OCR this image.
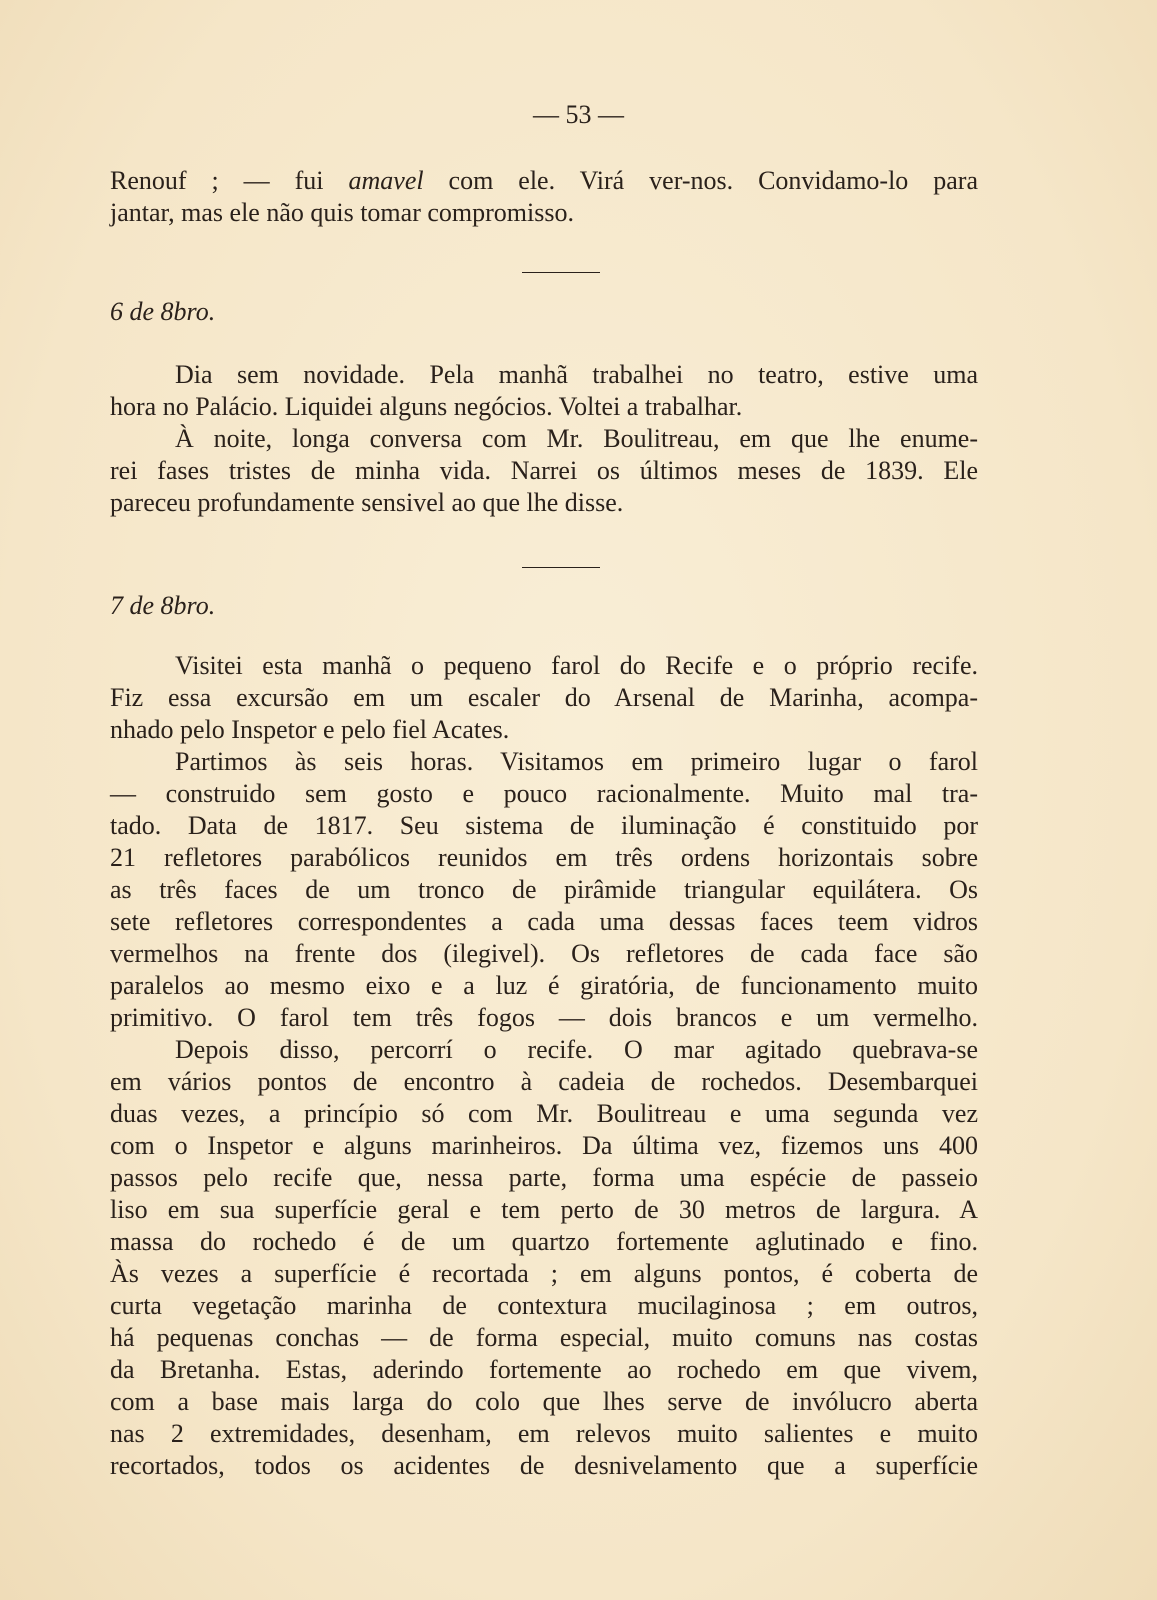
— 53 —
Renouf ; — fui amavel com ele. Virá ver-nos. Convidamo-lo para
jantar, mas ele não quis tomar compromisso.
6 de 8bro.
Dia sem novidade. Pela manhã trabalhei no teatro, estive uma
hora no Palácio. Liquidei alguns negócios. Voltei a trabalhar.
À noite, longa conversa com Mr. Boulitreau, em que lhe enume-
rei fases tristes de minha vida. Narrei os últimos meses de 1839. Ele
pareceu profundamente sensivel ao que lhe disse.
7 de 8bro.
Visitei esta manhã o pequeno farol do Recife e o próprio recife.
Fiz essa excursão em um escaler do Arsenal de Marinha, acompa-
nhado pelo Inspetor e pelo fiel Acates.
Partimos às seis horas. Visitamos em primeiro lugar o farol
— construido sem gosto e pouco racionalmente. Muito mal tra-
tado. Data de 1817. Seu sistema de iluminação é constituido por
21 refletores parabólicos reunidos em três ordens horizontais sobre
as três faces de um tronco de pirâmide triangular equilátera. Os
sete refletores correspondentes a cada uma dessas faces teem vidros
vermelhos na frente dos (ilegivel). Os refletores de cada face são
paralelos ao mesmo eixo e a luz é giratória, de funcionamento muito
primitivo. O farol tem três fogos — dois brancos e um vermelho.
Depois disso, percorrí o recife. O mar agitado quebrava-se
em vários pontos de encontro à cadeia de rochedos. Desembarquei
duas vezes, a princípio só com Mr. Boulitreau e uma segunda vez
com o Inspetor e alguns marinheiros. Da última vez, fizemos uns 400
passos pelo recife que, nessa parte, forma uma espécie de passeio
liso em sua superfície geral e tem perto de 30 metros de largura. A
massa do rochedo é de um quartzo fortemente aglutinado e fino.
Às vezes a superfície é recortada ; em alguns pontos, é coberta de
curta vegetação marinha de contextura mucilaginosa ; em outros,
há pequenas conchas — de forma especial, muito comuns nas costas
da Bretanha. Estas, aderindo fortemente ao rochedo em que vivem,
com a base mais larga do colo que lhes serve de invólucro aberta
nas 2 extremidades, desenham, em relevos muito salientes e muito
recortados, todos os acidentes de desnivelamento que a superfície
